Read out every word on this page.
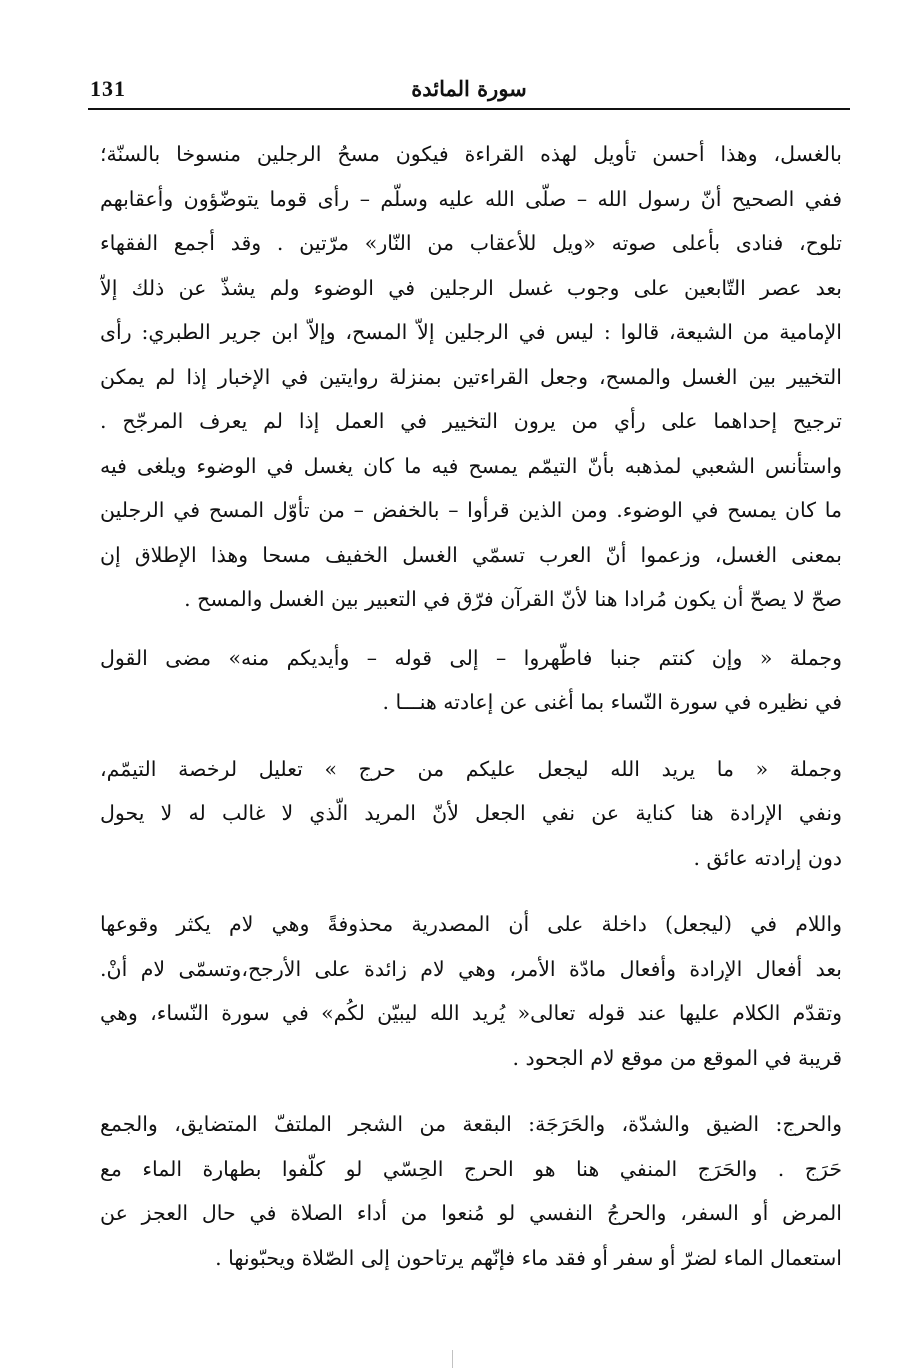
131	سورة المائدة
بالغسل، وهذا أحسن تأويل لهذه القراءة فيكون مسحُ الرجلين منسوخا بالسنّة؛
ففي الصحيح أنّ رسول الله – صلّى الله عليه وسلّم – رأى قوما يتوضّؤون وأعقابهم
تلوح، فنادى بأعلى صوته «ويل للأعقاب من النّار» مرّتين . وقد أجمع الفقهاء
بعد عصر التّابعين على وجوب غسل الرجلين في الوضوء ولم يشذّ عن ذلك إلاّ
الإمامية من الشيعة، قالوا : ليس في الرجلين إلاّ المسح، وإلاّ ابن جرير الطبري: رأى
التخيير بين الغسل والمسح، وجعل القراءتين بمنزلة روايتين في الإخبار إذا لم يمكن
ترجيح إحداهما على رأي من يرون التخيير في العمل إذا لم يعرف المرجّح .
واستأنس الشعبي لمذهبه بأنّ التيمّم يمسح فيه ما كان يغسل في الوضوء ويلغى فيه
ما كان يمسح في الوضوء. ومن الذين قرأوا – بالخفض – من تأوّل المسح في الرجلين
بمعنى الغسل، وزعموا أنّ العرب تسمّي الغسل الخفيف مسحا وهذا الإطلاق إن
صحّ لا يصحّ أن يكون مُرادا هنا لأنّ القرآن فرّق في التعبير بين الغسل والمسح .
وجملة « وإن كنتم جنبا فاطّهروا – إلى قوله – وأيديكم منه» مضى القول
في نظيره في سورة النّساء بما أغنى عن إعادته هنـــا .
وجملة « ما يريد الله ليجعل عليكم من حرج » تعليل لرخصة التيمّم،
ونفي الإرادة هنا كناية عن نفي الجعل لأنّ المريد الّذي لا غالب له لا يحول
دون إرادته عائق .
واللام في (ليجعل) داخلة على أن المصدرية محذوفةً وهي لام يكثر وقوعها
بعد أفعال الإرادة وأفعال مادّة الأمر، وهي لام زائدة على الأرجح،وتسمّى لام أنْ.
وتقدّم الكلام عليها عند قوله تعالى« يُريد الله ليبيّن لكُم» في سورة النّساء، وهي
قريبة في الموقع من موقع لام الجحود .
والحرج: الضيق والشدّة، والحَرَجَة: البقعة من الشجر الملتفّ المتضايق، والجمع
حَرَج . والحَرَج المنفي هنا هو الحرج الحِسّي لو كلّفوا بطهارة الماء مع
المرض أو السفر، والحرجُ النفسي لو مُنعوا من أداء الصلاة في حال العجز عن
استعمال الماء لضرّ أو سفر أو فقد ماء فإنّهم يرتاحون إلى الصّلاة ويحبّونها .
